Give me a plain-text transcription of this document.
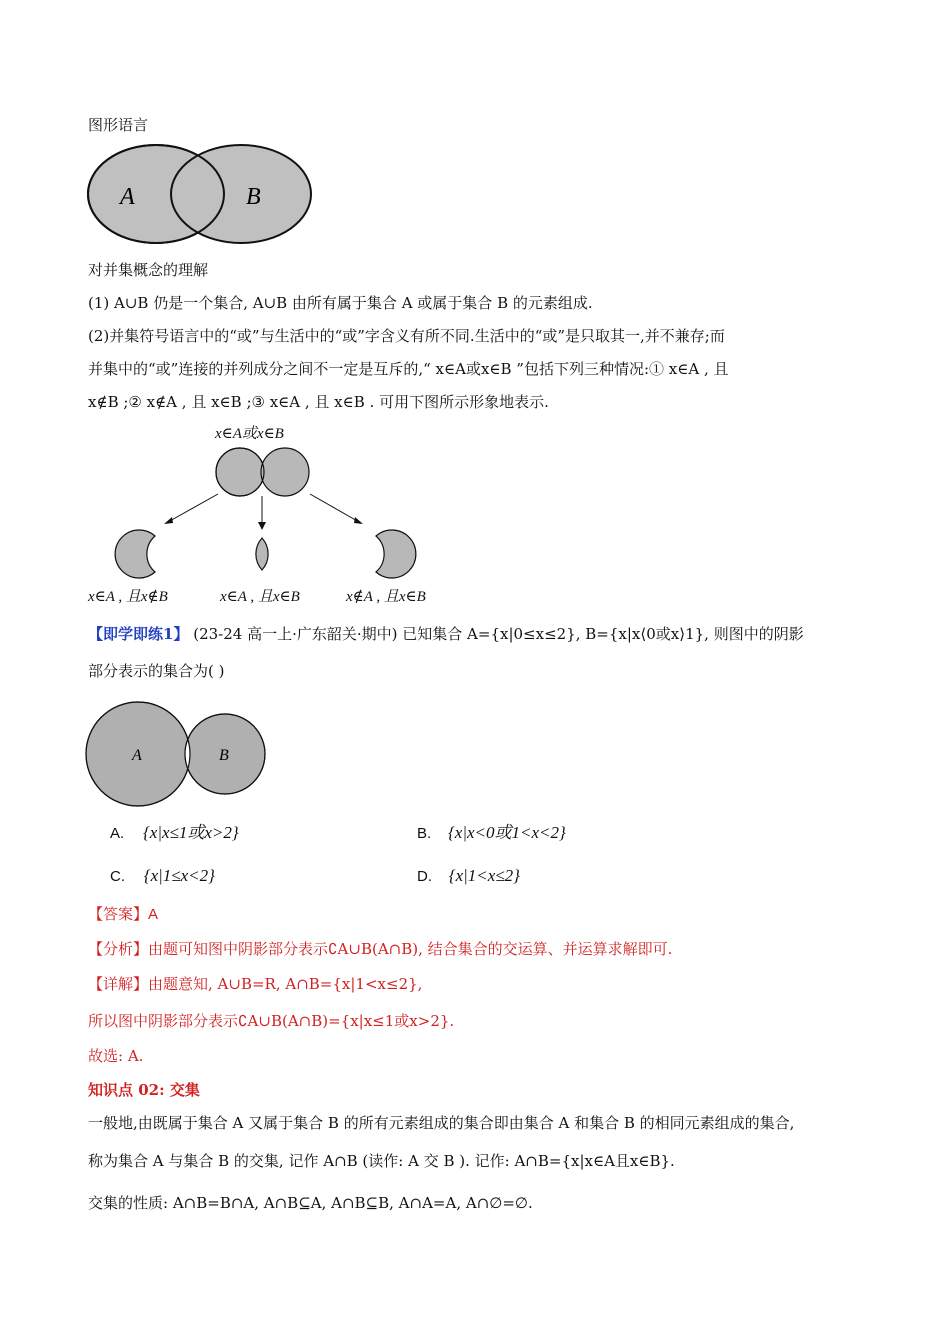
图形语言
A	B
对并集概念的理解
(1) A∪B 仍是一个集合, A∪B 由所有属于集合 A 或属于集合 B 的元素组成.
(2)并集符号语言中的“或”与生活中的“或”字含义有所不同.生活中的“或”是只取其一,并不兼存;而
并集中的“或”连接的并列成分之间不一定是互斥的,“ x∈A或x∈B ”包括下列三种情况:① x∈A , 且
x∉B ;② x∉A , 且 x∈B ;③ x∈A , 且 x∈B . 可用下图所示形象地表示.
x∈A或x∈B
x∈A , 且x∉B	x∈A , 且x∈B	x∉A , 且x∈B
【即学即练1】 (23-24 高一上·广东韶关·期中) 已知集合 A={x|0≤x≤2}, B={x|x⟨0或x⟩1}, 则图中的阴影
部分表示的集合为( )
A	B
A. {x|x≤1或x>2}	B. {x|x<0或1<x<2}
C. {x|1≤x<2}	D. {x|1<x≤2}
【答案】A
【分析】由题可知图中阴影部分表示∁A∪B(A∩B), 结合集合的交运算、并运算求解即可.
【详解】由题意知, A∪B=R, A∩B={x|1<x≤2},
所以图中阴影部分表示∁A∪B(A∩B)={x|x≤1或x>2}.
故选: A.
知识点 02: 交集
一般地,由既属于集合 A 又属于集合 B 的所有元素组成的集合即由集合 A 和集合 B 的相同元素组成的集合,
称为集合 A 与集合 B 的交集, 记作 A∩B (读作: A 交 B ). 记作: A∩B={x|x∈A且x∈B}.
交集的性质: A∩B=B∩A, A∩B⊆A, A∩B⊆B, A∩A=A, A∩∅=∅.
